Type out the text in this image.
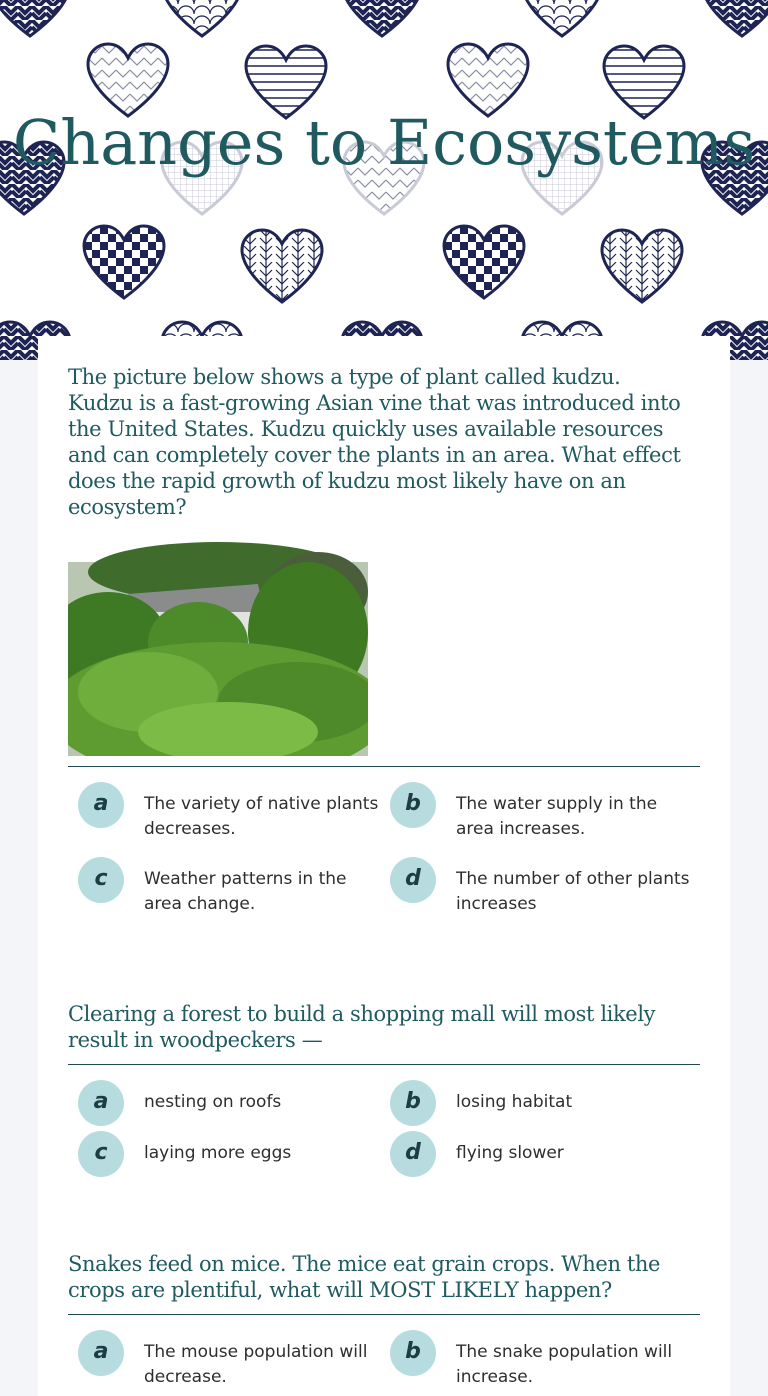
Changes to Ecosystems

The picture below shows a type of plant called kudzu. Kudzu is a fast-growing Asian vine that was introduced into the United States. Kudzu quickly uses available resources and can completely cover the plants in an area. What effect does the rapid growth of kudzu most likely have on an ecosystem?

a	The variety of native plants decreases.
b	The water supply in the area increases.
c	Weather patterns in the area change.
d	The number of other plants increases

Clearing a forest to build a shopping mall will most likely result in woodpeckers —

a	nesting on roofs	b	losing habitat
c	laying more eggs	d	flying slower

Snakes feed on mice. The mice eat grain crops. When the crops are plentiful, what will MOST LIKELY happen?

a	The mouse population will decrease.
b	The snake population will increase.
